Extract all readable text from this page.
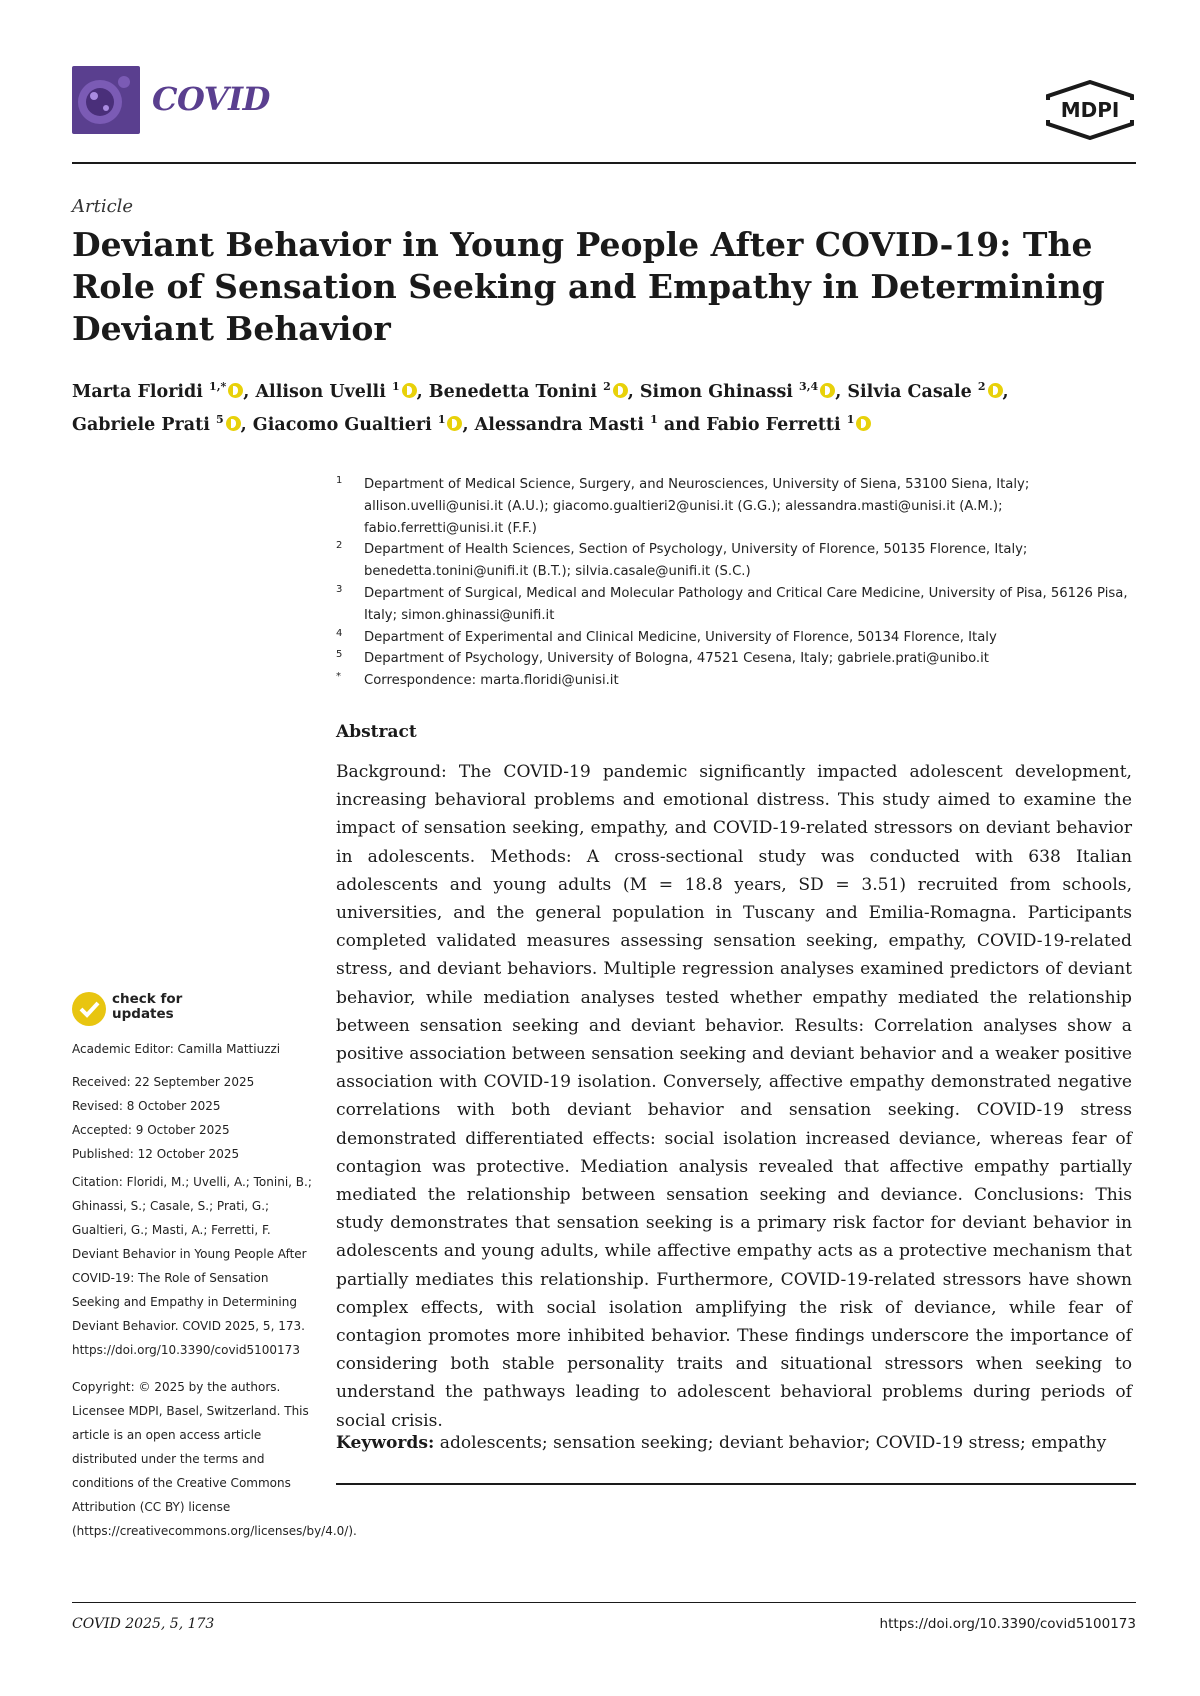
COVID	MDPI
Article
Deviant Behavior in Young People After COVID-19: The Role of Sensation Seeking and Empathy in Determining Deviant Behavior
Marta Floridi $^{1,*}$ , Allison Uvelli $^1$ , Benedetta Tonini $^2$ , Simon Ghinassi $^{3,4}$ , Silvia Casale $^2$ ,
Gabriele Prati $^5$ , Giacomo Gualtieri $^1$ , Alessandra Masti $^1$ and Fabio Ferretti $^1$
1 Department of Medical Science, Surgery, and Neurosciences, University of Siena, 53100 Siena, Italy; allison.uvelli@unisi.it (A.U.); giacomo.gualtieri2@unisi.it (G.G.); alessandra.masti@unisi.it (A.M.); fabio.ferretti@unisi.it (F.F.)
2 Department of Health Sciences, Section of Psychology, University of Florence, 50135 Florence, Italy; benedetta.tonini@unifi.it (B.T.); silvia.casale@unifi.it (S.C.)
3 Department of Surgical, Medical and Molecular Pathology and Critical Care Medicine, University of Pisa, 56126 Pisa, Italy; simon.ghinassi@unifi.it
4 Department of Experimental and Clinical Medicine, University of Florence, 50134 Florence, Italy
5 Department of Psychology, University of Bologna, 47521 Cesena, Italy; gabriele.prati@unibo.it
* Correspondence: marta.floridi@unisi.it
Abstract
Background: The COVID-19 pandemic significantly impacted adolescent development, increasing behavioral problems and emotional distress. This study aimed to examine the impact of sensation seeking, empathy, and COVID-19-related stressors on deviant behavior in adolescents. Methods: A cross-sectional study was conducted with 638 Italian adolescents and young adults (M = 18.8 years, SD = 3.51) recruited from schools, universities, and the general population in Tuscany and Emilia-Romagna. Participants completed validated measures assessing sensation seeking, empathy, COVID-19-related stress, and deviant behaviors. Multiple regression analyses examined predictors of deviant behavior, while mediation analyses tested whether empathy mediated the relationship between sensation seeking and deviant behavior. Results: Correlation analyses show a positive association between sensation seeking and deviant behavior and a weaker positive association with COVID-19 isolation. Conversely, affective empathy demonstrated negative correlations with both deviant behavior and sensation seeking. COVID-19 stress demonstrated differentiated effects: social isolation increased deviance, whereas fear of contagion was protective. Mediation analysis revealed that affective empathy partially mediated the relationship between sensation seeking and deviance. Conclusions: This study demonstrates that sensation seeking is a primary risk factor for deviant behavior in adolescents and young adults, while affective empathy acts as a protective mechanism that partially mediates this relationship. Furthermore, COVID-19-related stressors have shown complex effects, with social isolation amplifying the risk of deviance, while fear of contagion promotes more inhibited behavior. These findings underscore the importance of considering both stable personality traits and situational stressors when seeking to understand the pathways leading to adolescent behavioral problems during periods of social crisis.
Keywords: adolescents; sensation seeking; deviant behavior; COVID-19 stress; empathy
check for
updates
Academic Editor: Camilla Mattiuzzi
Received: 22 September 2025
Revised: 8 October 2025
Accepted: 9 October 2025
Published: 12 October 2025
Citation: Floridi, M.; Uvelli, A.; Tonini, B.; Ghinassi, S.; Casale, S.; Prati, G.; Gualtieri, G.; Masti, A.; Ferretti, F. Deviant Behavior in Young People After COVID-19: The Role of Sensation Seeking and Empathy in Determining Deviant Behavior. COVID 2025, 5, 173. https://doi.org/10.3390/covid5100173
Copyright: © 2025 by the authors. Licensee MDPI, Basel, Switzerland. This article is an open access article distributed under the terms and conditions of the Creative Commons Attribution (CC BY) license (https://creativecommons.org/licenses/by/4.0/).
COVID 2025, 5, 173	https://doi.org/10.3390/covid5100173
